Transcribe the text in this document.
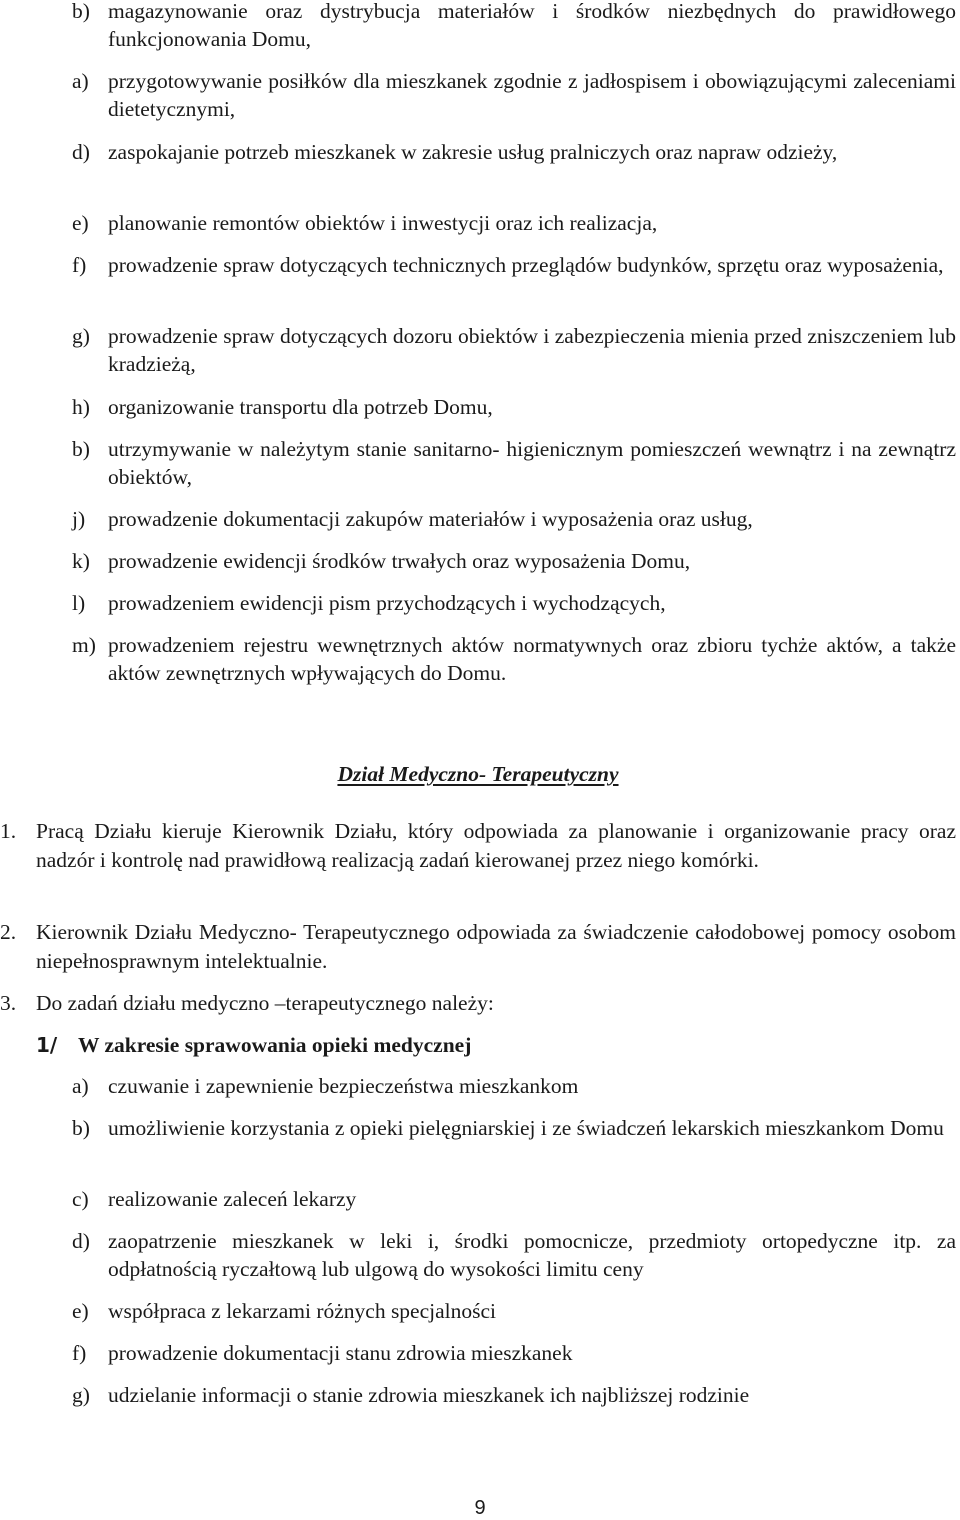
b) magazynowanie oraz dystrybucja materiałów i środków niezbędnych do prawidłowego funkcjonowania Domu,
a) przygotowywanie posiłków dla mieszkanek zgodnie z jadłospisem i obowiązującymi zaleceniami dietetycznymi,
d) zaspokajanie potrzeb mieszkanek w zakresie usług pralniczych oraz napraw odzieży,
e) planowanie remontów obiektów i inwestycji oraz ich realizacja,
f) prowadzenie spraw dotyczących technicznych przeglądów budynków, sprzętu oraz wyposażenia,
g) prowadzenie spraw dotyczących dozoru obiektów i zabezpieczenia mienia przed zniszczeniem lub kradzieżą,
h) organizowanie transportu dla potrzeb Domu,
b) utrzymywanie w należytym stanie sanitarno- higienicznym pomieszczeń wewnątrz i na zewnątrz obiektów,
j) prowadzenie dokumentacji zakupów materiałów i wyposażenia oraz usług,
k) prowadzenie ewidencji środków trwałych oraz wyposażenia Domu,
l) prowadzeniem ewidencji pism przychodzących i wychodzących,
m) prowadzeniem rejestru wewnętrznych aktów normatywnych oraz zbioru tychże aktów, a także aktów zewnętrznych wpływających do Domu.
Dział Medyczno- Terapeutyczny
1. Pracą Działu kieruje Kierownik Działu, który odpowiada za planowanie i organizowanie pracy oraz nadzór i kontrolę nad prawidłową realizacją zadań kierowanej przez niego komórki.
2. Kierownik Działu Medyczno- Terapeutycznego odpowiada za świadczenie całodobowej pomocy osobom niepełnosprawnym intelektualnie.
3. Do zadań działu medyczno –terapeutycznego należy:
1/ W zakresie sprawowania opieki medycznej
a) czuwanie i zapewnienie bezpieczeństwa mieszkankom
b) umożliwienie korzystania z opieki pielęgniarskiej i ze świadczeń lekarskich mieszkankom Domu
c) realizowanie zaleceń lekarzy
d) zaopatrzenie mieszkanek w leki i, środki pomocnicze, przedmioty ortopedyczne itp. za odpłatnością ryczałtową lub ulgową do wysokości limitu ceny
e) współpraca z lekarzami różnych specjalności
f) prowadzenie dokumentacji stanu zdrowia mieszkanek
g) udzielanie informacji o stanie zdrowia mieszkanek ich najbliższej rodzinie
9
